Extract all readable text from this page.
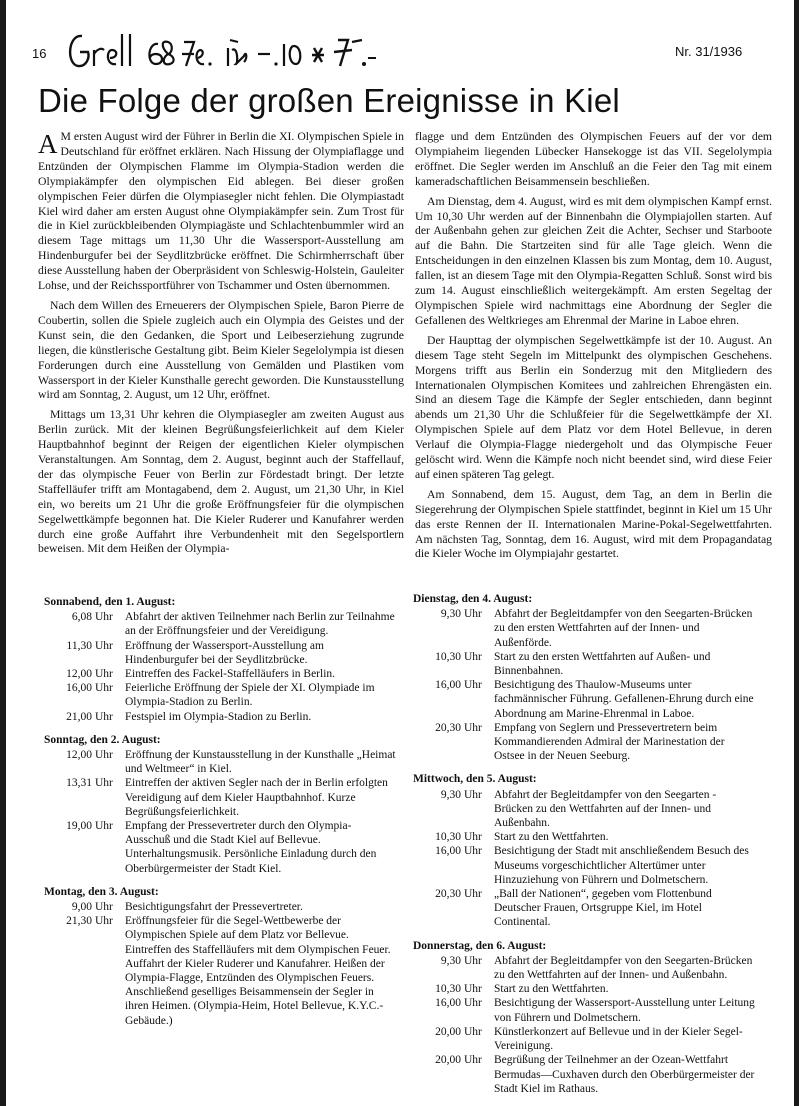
16	Nr. 31/1936
Die Folge der großen Ereignisse in Kiel

A M ersten August wird der Führer in Berlin die XI. Olympischen Spiele in Deutschland für eröffnet erklären. Nach Hissung der Olympiaflagge und Entzünden der Olympischen Flamme im Olympia-Stadion werden die Olympiakämpfer den olympischen Eid ablegen. Bei dieser großen olympischen Feier dürfen die Olympiasegler nicht fehlen. Die Olympiastadt Kiel wird daher am ersten August ohne Olympiakämpfer sein. Zum Trost für die in Kiel zurückbleibenden Olympiagäste und Schlachtenbummler wird an diesem Tage mittags um 11,30 Uhr die Wassersport-Ausstellung am Hindenburgufer bei der Seydlitzbrücke eröffnet. Die Schirmherrschaft über diese Ausstellung haben der Oberpräsident von Schleswig-Holstein, Gauleiter Lohse, und der Reichssportführer von Tschammer und Osten übernommen.

Nach dem Willen des Erneuerers der Olympischen Spiele, Baron Pierre de Coubertin, sollen die Spiele zugleich auch ein Olympia des Geistes und der Kunst sein, die den Gedanken, die Sport und Leibeserziehung zugrunde liegen, die künstlerische Gestaltung gibt. Beim Kieler Segelolympia ist diesen Forderungen durch eine Ausstellung von Gemälden und Plastiken vom Wassersport in der Kieler Kunsthalle gerecht geworden. Die Kunstausstellung wird am Sonntag, 2. August, um 12 Uhr, eröffnet.

Mittags um 13,31 Uhr kehren die Olympiasegler am zweiten August aus Berlin zurück. Mit der kleinen Begrüßungsfeierlichkeit auf dem Kieler Hauptbahnhof beginnt der Reigen der eigentlichen Kieler olympischen Veranstaltungen. Am Sonntag, dem 2. August, beginnt auch der Staffellauf, der das olympische Feuer von Berlin zur Fördestadt bringt. Der letzte Staffelläufer trifft am Montagabend, dem 2. August, um 21,30 Uhr, in Kiel ein, wo bereits um 21 Uhr die große Eröffnungsfeier für die olympischen Segelwettkämpfe begonnen hat. Die Kieler Ruderer und Kanufahrer werden durch eine große Auffahrt ihre Verbundenheit mit den Segelsportlern beweisen. Mit dem Heißen der Olympia-

flagge und dem Entzünden des Olympischen Feuers auf der vor dem Olympiaheim liegenden Lübecker Hansekogge ist das VII. Segelolympia eröffnet. Die Segler werden im Anschluß an die Feier den Tag mit einem kameradschaftlichen Beisammensein beschließen.

Am Dienstag, dem 4. August, wird es mit dem olympischen Kampf ernst. Um 10,30 Uhr werden auf der Binnenbahn die Olympiajollen starten. Auf der Außenbahn gehen zur gleichen Zeit die Achter, Sechser und Starboote auf die Bahn. Die Startzeiten sind für alle Tage gleich. Wenn die Entscheidungen in den einzelnen Klassen bis zum Montag, dem 10. August, fallen, ist an diesem Tage mit den Olympia-Regatten Schluß. Sonst wird bis zum 14. August einschließlich weitergekämpft. Am ersten Segeltag der Olympischen Spiele wird nachmittags eine Abordnung der Segler die Gefallenen des Weltkrieges am Ehrenmal der Marine in Laboe ehren.

Der Haupttag der olympischen Segelwettkämpfe ist der 10. August. An diesem Tage steht Segeln im Mittelpunkt des olympischen Geschehens. Morgens trifft aus Berlin ein Sonderzug mit den Mitgliedern des Internationalen Olympischen Komitees und zahlreichen Ehrengästen ein. Sind an diesem Tage die Kämpfe der Segler entschieden, dann beginnt abends um 21,30 Uhr die Schlußfeier für die Segelwettkämpfe der XI. Olympischen Spiele auf dem Platz vor dem Hotel Bellevue, in deren Verlauf die Olympia-Flagge niedergeholt und das Olympische Feuer gelöscht wird. Wenn die Kämpfe noch nicht beendet sind, wird diese Feier auf einen späteren Tag gelegt.

Am Sonnabend, dem 15. August, dem Tag, an dem in Berlin die Siegerehrung der Olympischen Spiele stattfindet, beginnt in Kiel um 15 Uhr das erste Rennen der II. Internationalen Marine-Pokal-Segelwettfahrten. Am nächsten Tag, Sonntag, dem 16. August, wird mit dem Propagandatag die Kieler Woche im Olympiajahr gestartet.

Sonnabend, den 1. August:
6,08 Uhr	Abfahrt der aktiven Teilnehmer nach Berlin zur Teilnahme an der Eröffnungsfeier und der Vereidigung.
11,30 Uhr	Eröffnung der Wassersport-Ausstellung am Hindenburgufer bei der Seydlitzbrücke.
12,00 Uhr	Eintreffen des Fackel-Staffelläufers in Berlin.
16,00 Uhr	Feierliche Eröffnung der Spiele der XI. Olympiade im Olympia-Stadion zu Berlin.
21,00 Uhr	Festspiel im Olympia-Stadion zu Berlin.
Sonntag, den 2. August:
12,00 Uhr	Eröffnung der Kunstausstellung in der Kunsthalle „Heimat und Weltmeer“ in Kiel.
13,31 Uhr	Eintreffen der aktiven Segler nach der in Berlin erfolgten Vereidigung auf dem Kieler Hauptbahnhof. Kurze Begrüßungsfeierlichkeit.
19,00 Uhr	Empfang der Pressevertreter durch den Olympia-Ausschuß und die Stadt Kiel auf Bellevue. Unterhaltungsmusik. Persönliche Einladung durch den Oberbürgermeister der Stadt Kiel.
Montag, den 3. August:
9,00 Uhr	Besichtigungsfahrt der Pressevertreter.
21,30 Uhr	Eröffnungsfeier für die Segel-Wettbewerbe der Olympischen Spiele auf dem Platz vor Bellevue. Eintreffen des Staffelläufers mit dem Olympischen Feuer. Auffahrt der Kieler Ruderer und Kanufahrer. Heißen der Olympia-Flagge, Entzünden des Olympischen Feuers. Anschließend geselliges Beisammensein der Segler in ihren Heimen. (Olympia-Heim, Hotel Bellevue, K.Y.C.-Gebäude.)
Dienstag, den 4. August:
9,30 Uhr	Abfahrt der Begleitdampfer von den Seegarten-Brücken zu den ersten Wettfahrten auf der Innen- und Außenförde.
10,30 Uhr	Start zu den ersten Wettfahrten auf Außen- und Binnenbahnen.
16,00 Uhr	Besichtigung des Thaulow-Museums unter fachmännischer Führung. Gefallenen-Ehrung durch eine Abordnung am Marine-Ehrenmal in Laboe.
20,30 Uhr	Empfang von Seglern und Pressevertretern beim Kommandierenden Admiral der Marinestation der Ostsee in der Neuen Seeburg.
Mittwoch, den 5. August:
9,30 Uhr	Abfahrt der Begleitdampfer von den Seegarten - Brücken zu den Wettfahrten auf der Innen- und Außenbahn.
10,30 Uhr	Start zu den Wettfahrten.
16,00 Uhr	Besichtigung der Stadt mit anschließendem Besuch des Museums vorgeschichtlicher Altertümer unter Hinzuziehung von Führern und Dolmetschern.
20,30 Uhr	„Ball der Nationen“, gegeben vom Flottenbund Deutscher Frauen, Ortsgruppe Kiel, im Hotel Continental.
Donnerstag, den 6. August:
9,30 Uhr	Abfahrt der Begleitdampfer von den Seegarten-Brücken zu den Wettfahrten auf der Innen- und Außenbahn.
10,30 Uhr	Start zu den Wettfahrten.
16,00 Uhr	Besichtigung der Wassersport-Ausstellung unter Leitung von Führern und Dolmetschern.
20,00 Uhr	Künstlerkonzert auf Bellevue und in der Kieler Segel-Vereinigung.
20,00 Uhr	Begrüßung der Teilnehmer an der Ozean-Wettfahrt Bermudas—Cuxhaven durch den Oberbürgermeister der Stadt Kiel im Rathaus.
